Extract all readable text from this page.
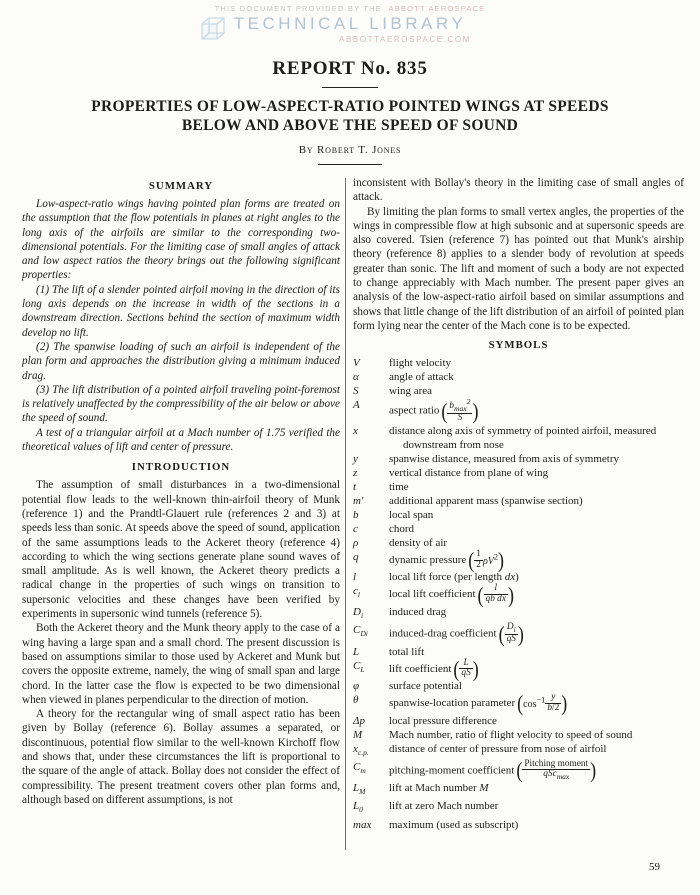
THIS DOCUMENT PROVIDED BY THE ABBOTT AEROSPACE
TECHNICAL LIBRARY
ABBOTTAEROSPACE.COM
REPORT No. 835
PROPERTIES OF LOW-ASPECT-RATIO POINTED WINGS AT SPEEDS
BELOW AND ABOVE THE SPEED OF SOUND
By Robert T. Jones
SUMMARY

Low-aspect-ratio wings having pointed plan forms are treated on the assumption that the flow potentials in planes at right angles to the long axis of the airfoils are similar to the corresponding two-dimensional potentials. For the limiting case of small angles of attack and low aspect ratios the theory brings out the following significant properties:

(1) The lift of a slender pointed airfoil moving in the direction of its long axis depends on the increase in width of the sections in a downstream direction. Sections behind the section of maximum width develop no lift.

(2) The spanwise loading of such an airfoil is independent of the plan form and approaches the distribution giving a minimum induced drag.

(3) The lift distribution of a pointed airfoil traveling point-foremost is relatively unaffected by the compressibility of the air below or above the speed of sound.

A test of a triangular airfoil at a Mach number of 1.75 verified the theoretical values of lift and center of pressure.

INTRODUCTION

The assumption of small disturbances in a two-dimensional potential flow leads to the well-known thin-airfoil theory of Munk (reference 1) and the Prandtl-Glauert rule (references 2 and 3) at speeds less than sonic. At speeds above the speed of sound, application of the same assumptions leads to the Ackeret theory (reference 4) according to which the wing sections generate plane sound waves of small amplitude. As is well known, the Ackeret theory predicts a radical change in the properties of such wings on transition to supersonic velocities and these changes have been verified by experiments in supersonic wind tunnels (reference 5).

Both the Ackeret theory and the Munk theory apply to the case of a wing having a large span and a small chord. The present discussion is based on assumptions similar to those used by Ackeret and Munk but covers the opposite extreme, namely, the wing of small span and large chord. In the latter case the flow is expected to be two dimensional when viewed in planes perpendicular to the direction of motion.

A theory for the rectangular wing of small aspect ratio has been given by Bollay (reference 6). Bollay assumes a separated, or discontinuous, potential flow similar to the well-known Kirchoff flow and shows that, under these circumstances the lift is proportional to the square of the angle of attack. Bollay does not consider the effect of compressibility. The present treatment covers other plan forms and, although based on different assumptions, is not

inconsistent with Bollay's theory in the limiting case of small angles of attack.

By limiting the plan forms to small vertex angles, the properties of the wings in compressible flow at high subsonic and at supersonic speeds are also covered. Tsien (reference 7) has pointed out that Munk's airship theory (reference 8) applies to a slender body of revolution at speeds greater than sonic. The lift and moment of such a body are not expected to change appreciably with Mach number. The present paper gives an analysis of the low-aspect-ratio airfoil based on similar assumptions and shows that little change of the lift distribution of an airfoil of pointed plan form lying near the center of the Mach cone is to be expected.

SYMBOLS
V	flight velocity
α	angle of attack
S	wing area
A	aspect ratio ( $\frac{b_{max}^2}{S}$ )
x	distance along axis of symmetry of pointed airfoil, measured downstream from nose
y	spanwise distance, measured from axis of symmetry
z	vertical distance from plane of wing
t	time
m′	additional apparent mass (spanwise section)
b	local span
c	chord
ρ	density of air
q	dynamic pressure ( $\frac{1}{2} \rho V^2$)
l	local lift force (per length dx)
$c_l$	local lift coefficient ( $\frac{l}{\text{qb dx}}$ )
$D_i$	induced drag
$C_{Di}$	induced-drag coefficient ( $\frac{D_i}{qS}$ )
L	total lift
$C_L$	lift coefficient ( $\frac{L}{qS}$ )
φ	surface potential
θ	spanwise-location parameter ($\cos^{-1} \frac{y}{b/2}$ )
Δp	local pressure difference
M	Mach number, ratio of flight velocity to speed of sound
$x_{c.p.}$	distance of center of pressure from nose of airfoil
$C_m$	pitching-moment coefficient ( $\frac{\text{Pitching moment}}{qSc_{max}}$ )
$L_M$	lift at Mach number M
$L_0$	lift at zero Mach number
max	maximum (used as subscript)
59
